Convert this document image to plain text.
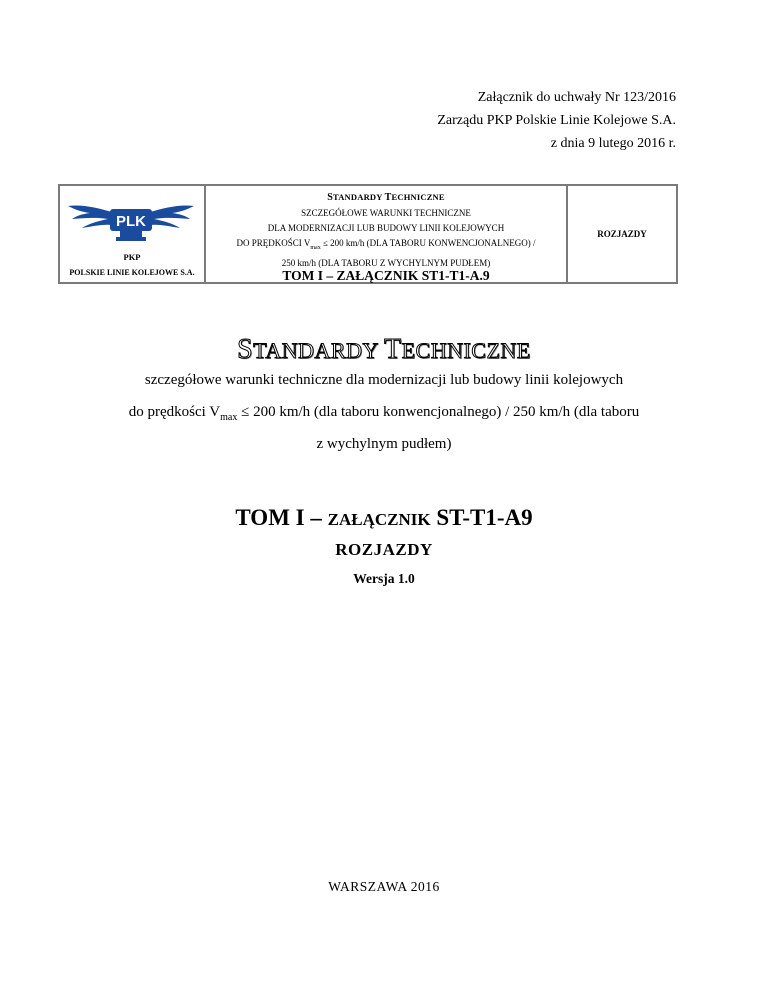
Załącznik do uchwały Nr 123/2016
Zarządu PKP Polskie Linie Kolejowe S.A.
z dnia 9 lutego 2016 r.
PLK
PKP
POLSKIE LINIE KOLEJOWE S.A.
STANDARDY TECHNICZNE
SZCZEGÓŁOWE WARUNKI TECHNICZNE
DLA MODERNIZACJI LUB BUDOWY LINII KOLEJOWYCH
DO PRĘDKOŚCI $V_{max} \le 200$ km/h (DLA TABORU KONWENCJONALNEGO) /
250 km/h (DLA TABORU Z WYCHYLNYM PUDŁEM)
TOM I – ZAŁĄCZNIK ST1-T1-A.9
ROZJAZDY
STANDARDY TECHNICZNE
szczegółowe warunki techniczne dla modernizacji lub budowy linii kolejowych
do prędkości $V_{max} \le 200$ km/h (dla taboru konwencjonalnego) / 250 km/h (dla taboru
z wychylnym pudłem)
TOM I – ZAŁĄCZNIK ST-T1-A9
ROZJAZDY
Wersja 1.0
WARSZAWA 2016
